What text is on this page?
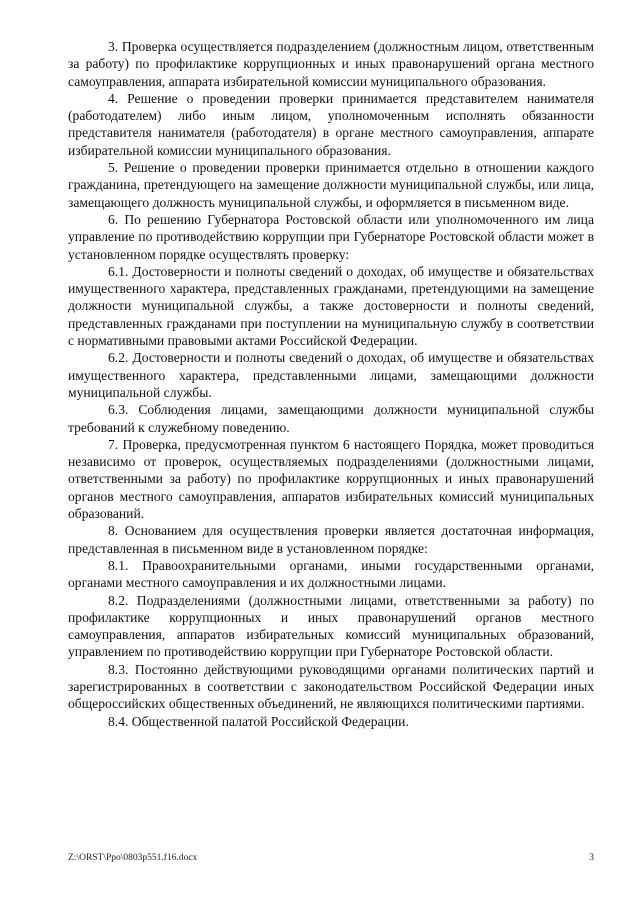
3. Проверка осуществляется подразделением (должностным лицом, ответственным за работу) по профилактике коррупционных и иных правонарушений органа местного самоуправления, аппарата избирательной комиссии муниципального образования.

4. Решение о проведении проверки принимается представителем нанимателя (работодателем) либо иным лицом, уполномоченным исполнять обязанности представителя нанимателя (работодателя) в органе местного самоуправления, аппарате избирательной комиссии муниципального образования.

5. Решение о проведении проверки принимается отдельно в отношении каждого гражданина, претендующего на замещение должности муниципальной службы, или лица, замещающего должность муниципальной службы, и оформляется в письменном виде.

6. По решению Губернатора Ростовской области или уполномоченного им лица управление по противодействию коррупции при Губернаторе Ростовской области может в установленном порядке осуществлять проверку:

6.1. Достоверности и полноты сведений о доходах, об имуществе и обязательствах имущественного характера, представленных гражданами, претендующими на замещение должности муниципальной службы, а также достоверности и полноты сведений, представленных гражданами при поступлении на муниципальную службу в соответствии с нормативными правовыми актами Российской Федерации.

6.2. Достоверности и полноты сведений о доходах, об имуществе и обязательствах имущественного характера, представленными лицами, замещающими должности муниципальной службы.

6.3. Соблюдения лицами, замещающими должности муниципальной службы требований к служебному поведению.

7. Проверка, предусмотренная пунктом 6 настоящего Порядка, может проводиться независимо от проверок, осуществляемых подразделениями (должностными лицами, ответственными за работу) по профилактике коррупционных и иных правонарушений органов местного самоуправления, аппаратов избирательных комиссий муниципальных образований.

8. Основанием для осуществления проверки является достаточная информация, представленная в письменном виде в установленном порядке:

8.1. Правоохранительными органами, иными государственными органами, органами местного самоуправления и их должностными лицами.

8.2. Подразделениями (должностными лицами, ответственными за работу) по профилактике коррупционных и иных правонарушений органов местного самоуправления, аппаратов избирательных комиссий муниципальных образований, управлением по противодействию коррупции при Губернаторе Ростовской области.

8.3. Постоянно действующими руководящими органами политических партий и зарегистрированных в соответствии с законодательством Российской Федерации иных общероссийских общественных объединений, не являющихся политическими партиями.

8.4. Общественной палатой Российской Федерации.

Z:\ORST\Ppo\0803p551.f16.docx	3
